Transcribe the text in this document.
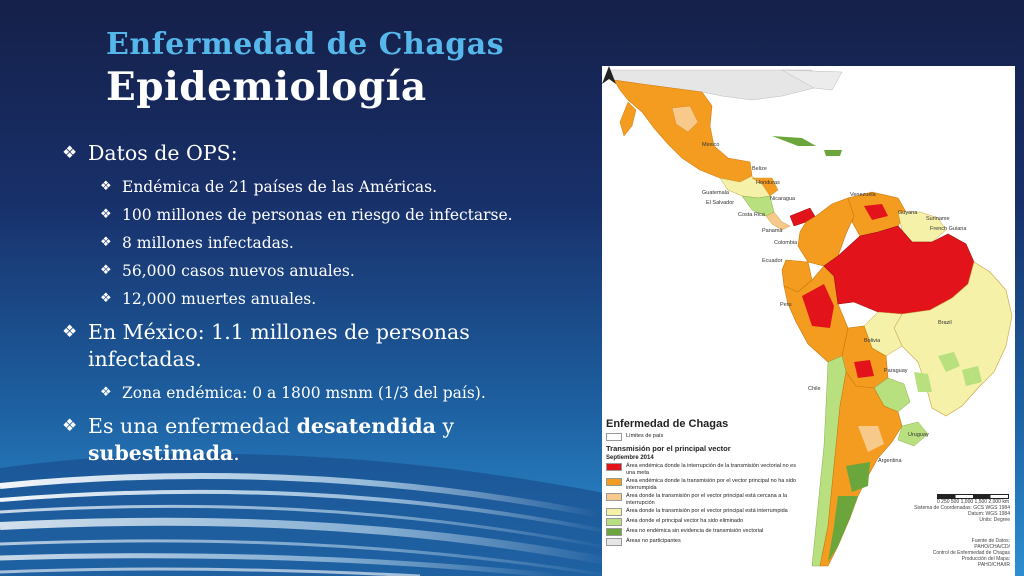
Enfermedad de Chagas
Epidemiología
❖ Datos de OPS:
❖ Endémica de 21 países de las Américas.
❖ 100 millones de personas en riesgo de infectarse.
❖ 8 millones infectadas.
❖ 56,000 casos nuevos anuales.
❖ 12,000 muertes anuales.
❖ En México: 1.1 millones de personas infectadas.
❖ Zona endémica: 0 a 1800 msnm (1/3 del país).
❖ Es una enfermedad desatendida y subestimada.
Mexico
Belize
Honduras
Guatemala
El Salvador
Nicaragua
Costa Rica
Panamá
Venezuela
Colombia
Guyana
Suriname
French Guiana
Ecuador
Peru
Brazil
Bolivia
Paraguay
Chile
Uruguay
Argentina
Enfermedad de Chagas
Límites de país
Transmisión por el principal vector
Septiembre 2014
Área endémica donde la interrupción de la transmisión vectorial no es una meta
Área endémica donde la transmisión por el vector principal no ha sido interrumpida
Área donde la transmisión por el vector principal está cercana a la interrupción
Área donde la transmisión por el vector principal está interrumpida
Área donde el principal vector ha sido eliminado
Área no endémica sin evidencia de transmisión vectorial
Áreas no participantes
0 250 500 1,000 1,500 2,000 km
Sistema de Coordenadas: GCS WGS 1984
Datum: WGS 1984
Units: Degree
Fuente de Datos:
PAHO/CHA/CD/
Control de Enfermedad de Chagas
Producción del Mapa:
PAHO/CHA/IR
